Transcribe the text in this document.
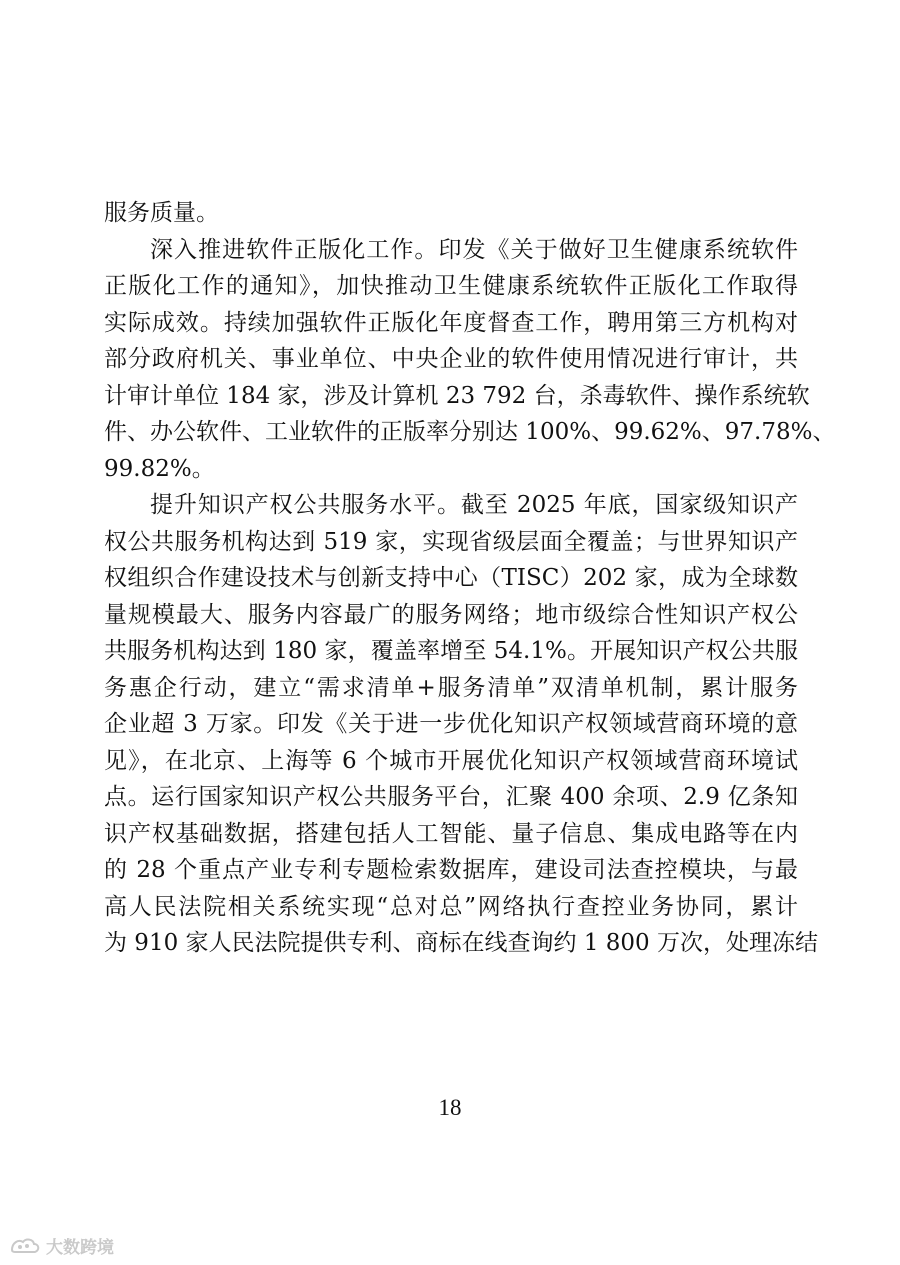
服务质量。
深入推进软件正版化工作。印发《关于做好卫生健康系统软件
正版化工作的通知》，加快推动卫生健康系统软件正版化工作取得
实际成效。持续加强软件正版化年度督查工作，聘用第三方机构对
部分政府机关、事业单位、中央企业的软件使用情况进行审计，共
计审计单位 184 家，涉及计算机 23 792 台，杀毒软件、操作系统软
件、办公软件、工业软件的正版率分别达 100%、99.62%、97.78%、
99.82%。
提升知识产权公共服务水平。截至 2025 年底，国家级知识产
权公共服务机构达到 519 家，实现省级层面全覆盖；与世界知识产
权组织合作建设技术与创新支持中心（TISC）202 家，成为全球数
量规模最大、服务内容最广的服务网络；地市级综合性知识产权公
共服务机构达到 180 家，覆盖率增至 54.1%。开展知识产权公共服
务惠企行动，建立“需求清单+服务清单”双清单机制，累计服务
企业超 3 万家。印发《关于进一步优化知识产权领域营商环境的意
见》，在北京、上海等 6 个城市开展优化知识产权领域营商环境试
点。运行国家知识产权公共服务平台，汇聚 400 余项、2.9 亿条知
识产权基础数据，搭建包括人工智能、量子信息、集成电路等在内
的 28 个重点产业专利专题检索数据库，建设司法查控模块，与最
高人民法院相关系统实现“总对总”网络执行查控业务协同，累计
为 910 家人民法院提供专利、商标在线查询约 1 800 万次，处理冻结
18
大数跨境
